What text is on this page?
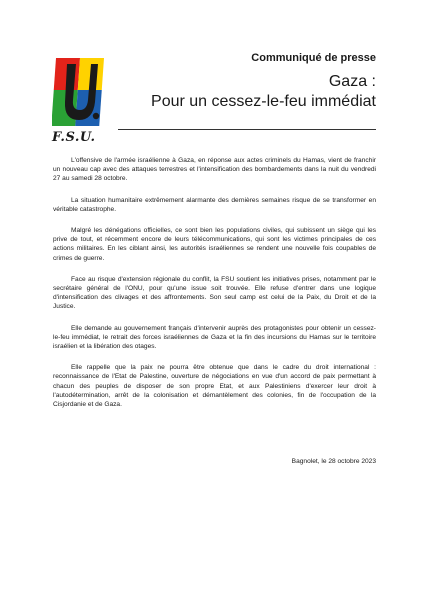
F.S.U.
Communiqué de presse
Gaza :
Pour un cessez-le-feu immédiat

L'offensive de l'armée israélienne à Gaza, en réponse aux actes criminels du Hamas, vient de franchir un nouveau cap avec des attaques terrestres et l'intensification des bombardements dans la nuit du vendredi 27 au samedi 28 octobre.

La situation humanitaire extrêmement alarmante des dernières semaines risque de se transformer en véritable catastrophe.

Malgré les dénégations officielles, ce sont bien les populations civiles, qui subissent un siège qui les prive de tout, et récemment encore de leurs télécommunications, qui sont les victimes principales de ces actions militaires. En les ciblant ainsi, les autorités israéliennes se rendent une nouvelle fois coupables de crimes de guerre.

Face au risque d'extension régionale du conflit, la FSU soutient les initiatives prises, notamment par le secrétaire général de l'ONU, pour qu'une issue soit trouvée. Elle refuse d'entrer dans une logique d'intensification des clivages et des affrontements. Son seul camp est celui de la Paix, du Droit et de la Justice.

Elle demande au gouvernement français d'intervenir auprès des protagonistes pour obtenir un cessez-le-feu immédiat, le retrait des forces israéliennes de Gaza et la fin des incursions du Hamas sur le territoire israélien et la libération des otages.

Elle rappelle que la paix ne pourra être obtenue que dans le cadre du droit international : reconnaissance de l'Etat de Palestine, ouverture de négociations en vue d'un accord de paix permettant à chacun des peuples de disposer de son propre Etat, et aux Palestiniens d'exercer leur droit à l'autodétermination, arrêt de la colonisation et démantèlement des colonies, fin de l'occupation de la Cisjordanie et de Gaza.

Bagnolet, le 28 octobre 2023
